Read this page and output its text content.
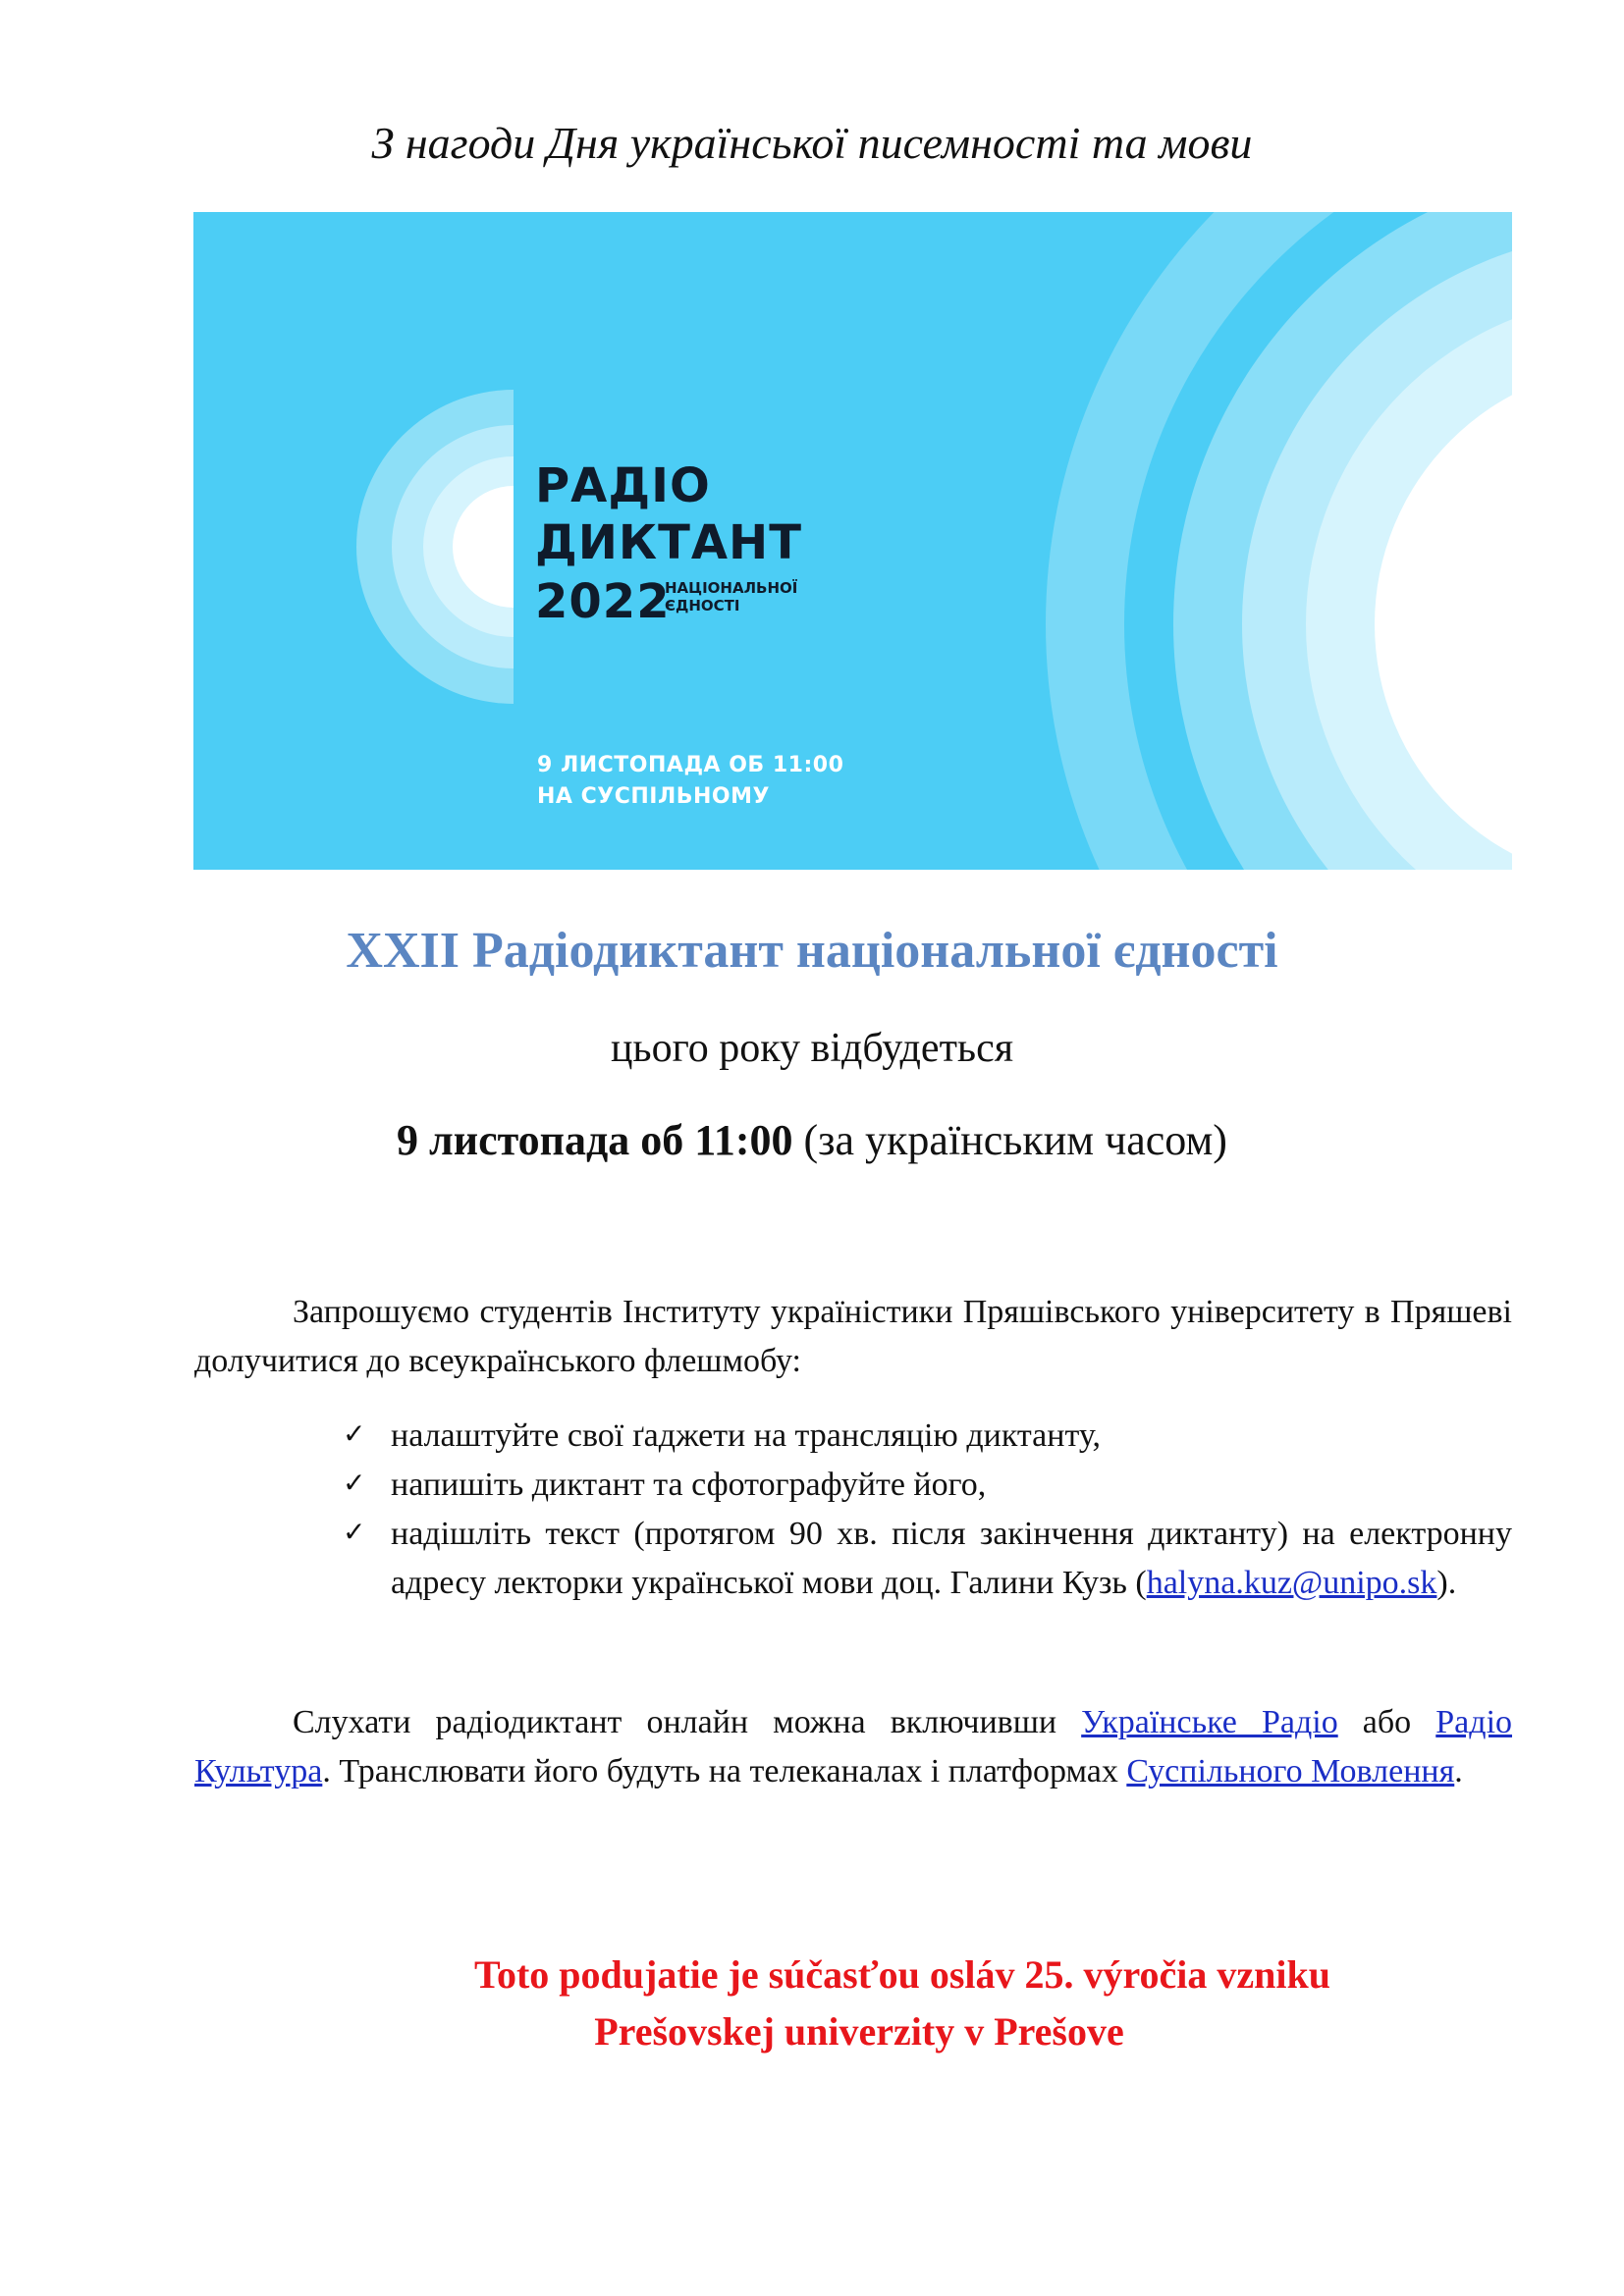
З нагоди Дня української писемності та мови
РАДІО
ДИКТАНТ
2022
НАЦІОНАЛЬНОЇ
ЄДНОСТІ
9 ЛИСТОПАДА ОБ 11:00
НА СУСПІЛЬНОМУ
XXII Радіодиктант національної єдності
цього року відбудеться
9 листопада об 11:00 (за українським часом)
Запрошуємо студентів Інституту україністики Пряшівського університету в Пряшеві долучитися до всеукраїнського флешмобу:
✓ налаштуйте свої ґаджети на трансляцію диктанту,
✓ напишіть диктант та сфотографуйте його,
✓ надішліть текст (протягом 90 хв. після закінчення диктанту) на електронну адресу лекторки української мови доц. Галини Кузь (halyna.kuz@unipo.sk).
Слухати радіодиктант онлайн можна включивши Українське Радіо або Радіо Культура. Транслювати його будуть на телеканалах і платформах Суспільного Мовлення.
Toto podujatie je súčasťou osláv 25. výročia vzniku
Prešovskej univerzity v Prešove
